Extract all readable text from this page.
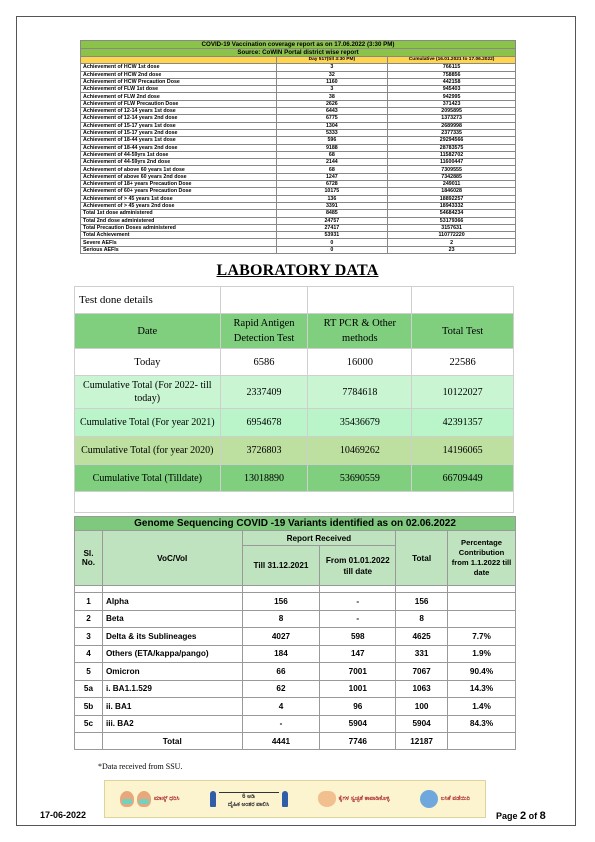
COVID-19 Vaccination coverage report as on 17.06.2022 (3:30 PM)		
Source: CoWIN Portal district wise report		
	Day 517(till 3:30 PM)	Cumulative (16.01.2021 to 17.06.2022)
Achievement of HCW 1st dose	3	766115
Achievement of HCW 2nd dose	32	758856
Achievement of HCW Precaution Dose	1160	442158
Achievement of FLW 1st dose	3	945403
Achievement of FLW 2nd dose	38	942995
Achievement of FLW Precaution Dose	2626	371423
Achievement of 12-14 years 1st dose	6443	2095895
Achievement of 12-14 years 2nd dose	6775	1373273
Achievement of 15-17 years 1st dose	1304	2689998
Achievement of 15-17 years 2nd dose	5333	2377335
Achievement of 18-44 years 1st dose	596	29294566
Achievement of 18-44 years 2nd dose	9188	28783575
Achievement of 44-59yrs 1st dose	68	11582702
Achievement of 44-59yrs 2nd dose	2144	11600447
Achievement of above 60 years 1st dose	68	7309555
Achievement of above 60 years 2nd dose	1247	7342885
Achievement of 18+ years Precaution Dose	6728	249011
Achievement of 60+ years Precaution Dose	10175	1846028
Achievement of > 45 years 1st dose	136	18892257
Achievement of > 45 years 2nd dose	3391	18943332
Total 1st dose administered	8485	54684234
Total 2nd dose administered	24757	53179366
Total Precaution Doses administered	27417	3157631
Total Achievement	53931	110772220
Severe AEFIs	0	2
Serious AEFIs	0	23
LABORATORY DATA
Test done details			
Date	Rapid Antigen Detection Test	RT PCR & Other methods	Total Test
Today	6586	16000	22586
Cumulative Total (For 2022- till today)	2337409	7784618	10122027
Cumulative Total (For year 2021)	6954678	35436679	42391357
Cumulative Total (for year 2020)	3726803	10469262	14196065
Cumulative Total (Tilldate)	13018890	53690559	66709449

Genome Sequencing COVID -19 Variants identified as on 02.06.2022					
Sl. No.	VoC/VoI	Report Received		Total	Percentage Contribution from 1.1.2022 till date
		Till 31.12.2021	From 01.01.2022 till date		

1	Alpha	156	-	156	
2	Beta	8	-	8	
3	Delta & its Sublineages	4027	598	4625	7.7%
4	Others (ETA/kappa/pango)	184	147	331	1.9%
5	Omicron	66	7001	7067	90.4%
5a	i. BA1.1.529	62	1001	1063	14.3%
5b	ii. BA1	4	96	100	1.4%
5c	iii. BA2	-	5904	5904	84.3%
	Total	4441	7746	12187	
*Data received from SSU.
ಮಾಸ್ಕ್ ಧರಿಸಿ	6 ಅಡಿ
ದೈಹಿಕ ಅಂತರ ಪಾಲಿಸಿ
ಕೈಗಳ ಸ್ವಚ್ಛತೆ ಕಾಪಾಡಿಕೊಳ್ಳಿ	ಲಸಿಕೆ ಪಡೆಯಿರಿ
17-06-2022	Page 2 of 8
